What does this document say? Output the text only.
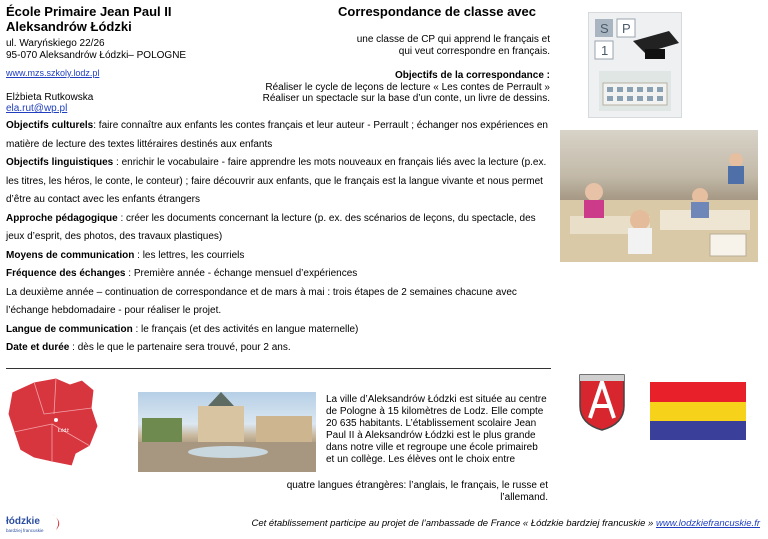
École Primaire Jean Paul II
Aleksandrów Łódzki
ul. Waryńskiego 22/26
95-070 Aleksandrów Łódzki– POLOGNE
www.mzs.szkoly.lodz.pl
Elżbieta Rutkowska
ela.rut@wp.pl
Correspondance de classe avec
une classe de CP qui apprend le français et
qui veut correspondre en français.
Objectifs de la correspondance :
Réaliser le cycle de leçons de lecture « Les contes de Perrault »
Réaliser un spectacle sur la base d’un conte, un livre de dessins.
S P
1

Objectifs culturels: faire connaître aux enfants les contes français et leur auteur - Perrault ; échanger nos expériences en matière de lecture des textes littéraires destinés aux enfants

Objectifs linguistiques : enrichir le vocabulaire - faire apprendre les mots nouveaux en français liés avec la lecture (p.ex. les titres, les héros, le conte, le conteur) ; faire découvrir aux enfants, que le français est la langue vivante et nous permet d’être au contact avec les enfants étrangers

Approche pédagogique : créer les documents concernant la lecture (p. ex. des scénarios de leçons, du spectacle, des jeux d’esprit, des photos, des travaux plastiques)

Moyens de communication : les lettres, les courriels

Fréquence des échanges : Première année - échange mensuel d’expériences

La deuxième année – continuation de correspondance et de mars à mai : trois étapes de 2 semaines chacune avec l’échange hebdomadaire - pour réaliser le projet.

Langue de communication : le français (et des activités en langue maternelle)

Date et durée : dès le que le partenaire sera trouvé, pour 2 ans.

Łódź
La ville d’Aleksandrów Łódzki est située au centre de Pologne à 15 kilomètres de Lodz. Elle compte 20 635 habitants. L’établissement scolaire Jean Paul II à Aleksandrów Łódzki est le plus grande dans notre ville et regroupe une école primaireb et un collège. Les élèves ont le choix entre
quatre langues étrangères: l’anglais, le français, le russe et l’allemand.
łódzkie
bardziej francuskie
Cet établissement participe au projet de l’ambassade de France « Łódzkie bardziej francuskie » www.lodzkiefrancuskie.fr
